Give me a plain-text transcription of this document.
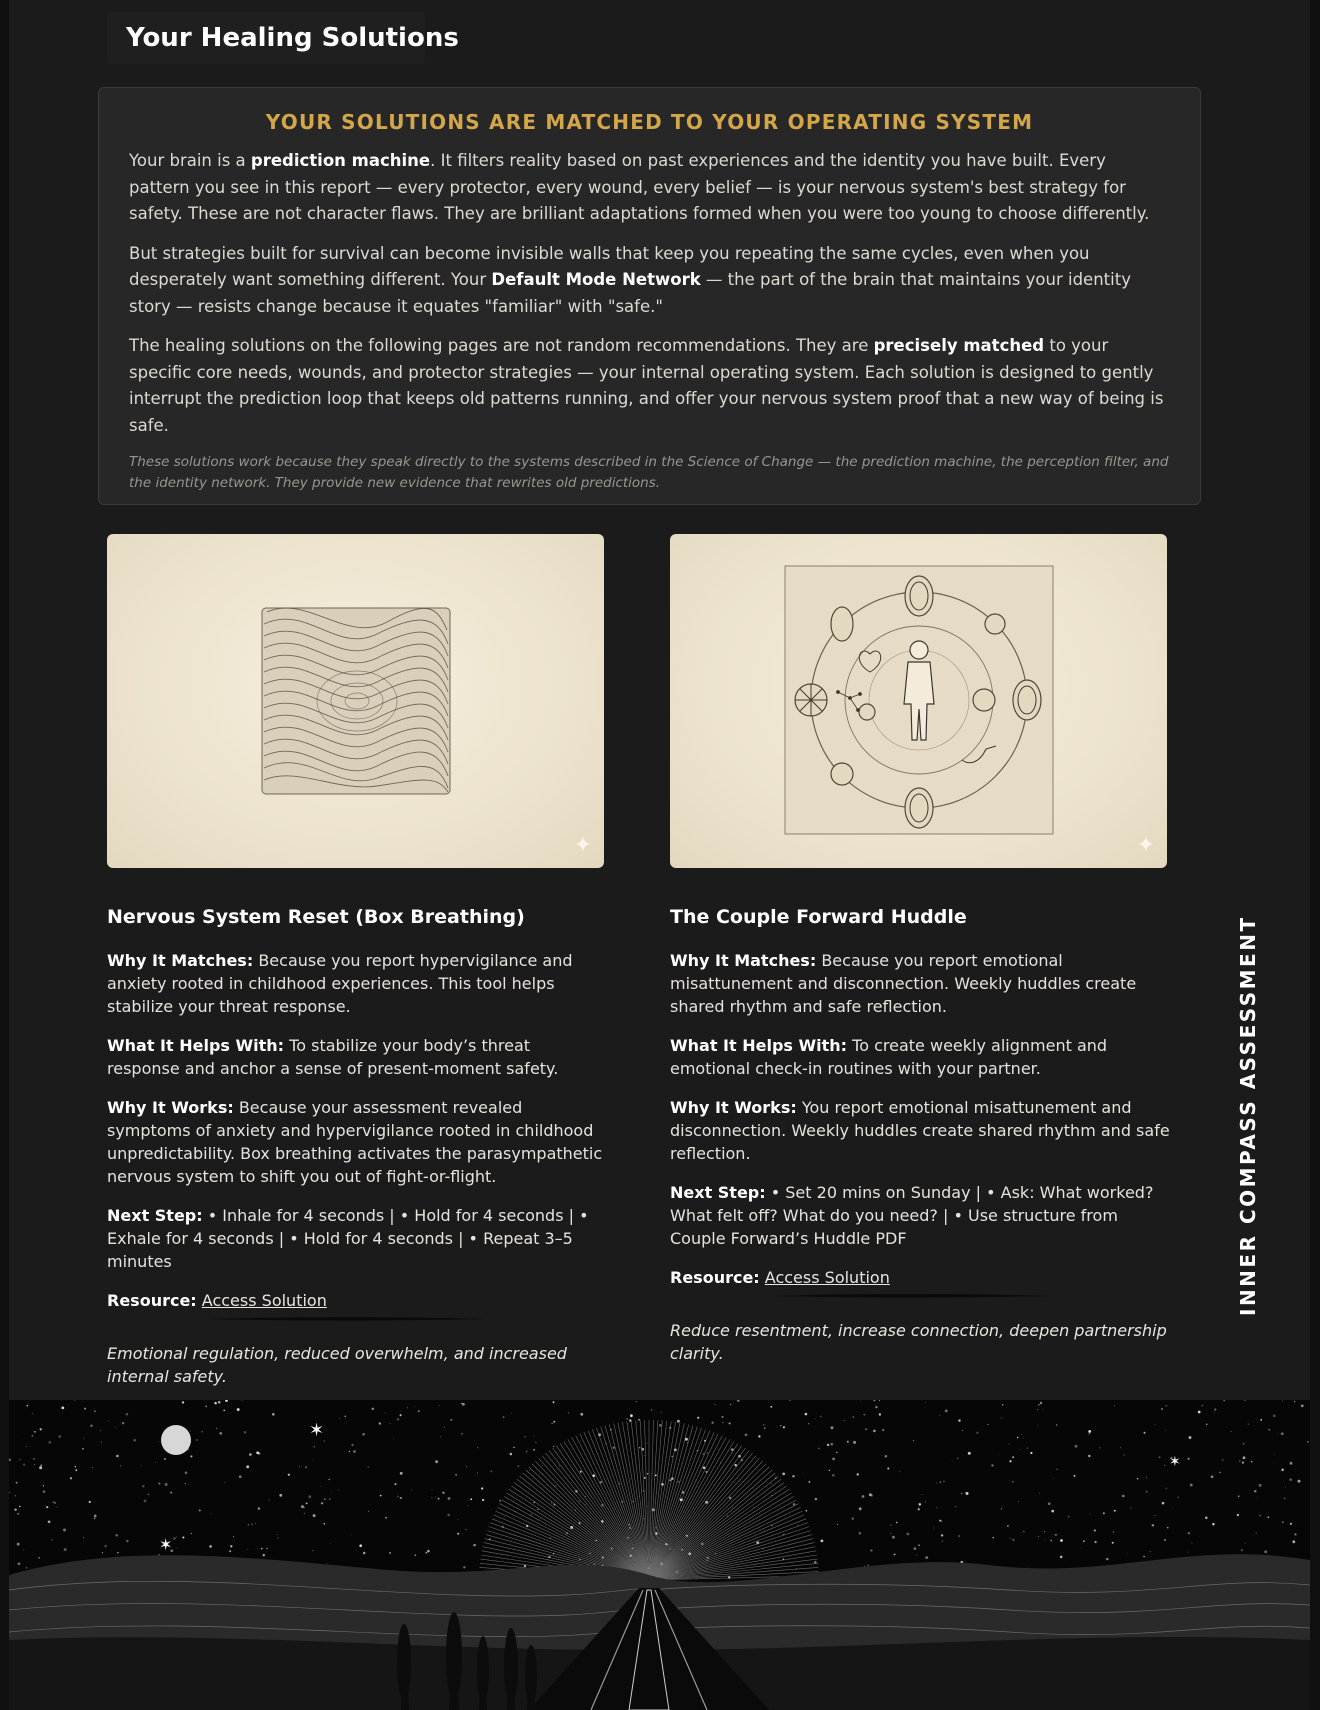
Your Healing Solutions
YOUR SOLUTIONS ARE MATCHED TO YOUR OPERATING SYSTEM

Your brain is a prediction machine. It filters reality based on past experiences and the identity you have built. Every pattern you see in this report — every protector, every wound, every belief — is your nervous system's best strategy for safety. These are not character flaws. They are brilliant adaptations formed when you were too young to choose differently.

But strategies built for survival can become invisible walls that keep you repeating the same cycles, even when you desperately want something different. Your Default Mode Network — the part of the brain that maintains your identity story — resists change because it equates "familiar" with "safe."

The healing solutions on the following pages are not random recommendations. They are precisely matched to your specific core needs, wounds, and protector strategies — your internal operating system. Each solution is designed to gently interrupt the prediction loop that keeps old patterns running, and offer your nervous system proof that a new way of being is safe.

These solutions work because they speak directly to the systems described in the Science of Change — the prediction machine, the perception filter, and the identity network. They provide new evidence that rewrites old predictions.

✦	✦
Nervous System Reset (Box Breathing)

Why It Matches: Because you report hypervigilance and anxiety rooted in childhood experiences. This tool helps stabilize your threat response.

What It Helps With: To stabilize your body’s threat response and anchor a sense of present-moment safety.

Why It Works: Because your assessment revealed symptoms of anxiety and hypervigilance rooted in childhood unpredictability. Box breathing activates the parasympathetic nervous system to shift you out of fight-or-flight.

Next Step: • Inhale for 4 seconds | • Hold for 4 seconds | • Exhale for 4 seconds | • Hold for 4 seconds | • Repeat 3–5 minutes

Resource: Access Solution

Emotional regulation, reduced overwhelm, and increased internal safety.

The Couple Forward Huddle

Why It Matches: Because you report emotional misattunement and disconnection. Weekly huddles create shared rhythm and safe reflection.

What It Helps With: To create weekly alignment and emotional check-in routines with your partner.

Why It Works: You report emotional misattunement and disconnection. Weekly huddles create shared rhythm and safe reflection.

Next Step: • Set 20 mins on Sunday | • Ask: What worked? What felt off? What do you need? | • Use structure from Couple Forward’s Huddle PDF

Resource: Access Solution

Reduce resentment, increase connection, deepen partnership clarity.

INNER COMPASS ASSESSMENT
✶
✶
✶
